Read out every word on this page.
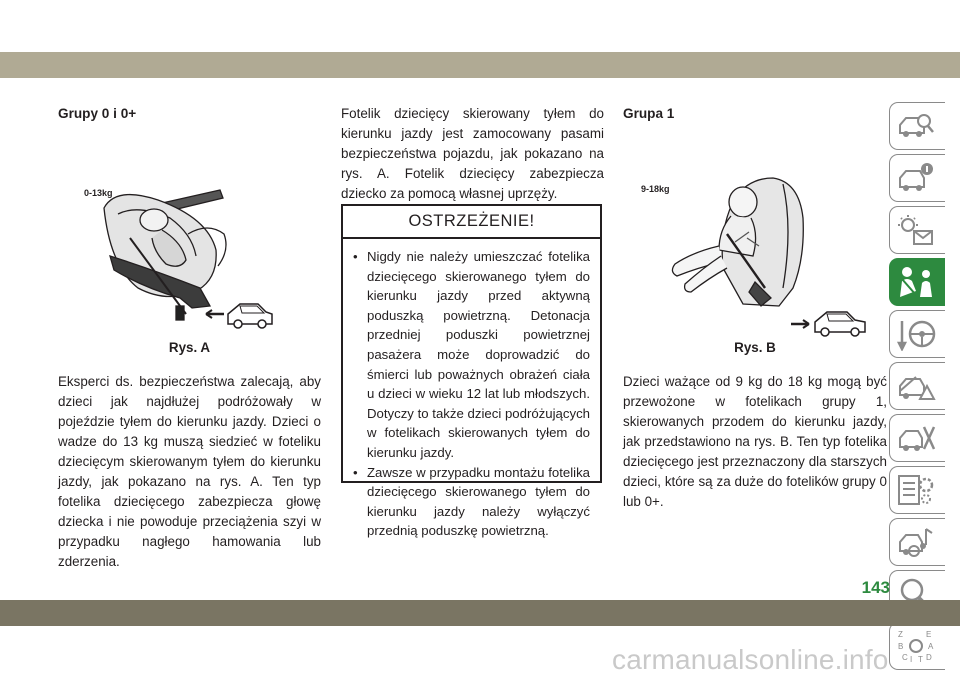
Grupy 0 i 0+

0-13kg

Rys. A

Eksperci ds. bezpieczeństwa zalecają, aby dzieci jak najdłużej podróżowały w pojeździe tyłem do kierunku jazdy. Dzieci o wadze do 13 kg muszą siedzieć w foteliku dziecięcym skierowanym tyłem do kierunku jazdy, jak pokazano na rys. A. Ten typ fotelika dziecięcego zabezpiecza głowę dziecka i nie powoduje przeciążenia szyi w przypadku nagłego hamowania lub zderzenia.

Fotelik dziecięcy skierowany tyłem do kierunku jazdy jest zamocowany pasami bezpieczeństwa pojazdu, jak pokazano na rys. A. Fotelik dziecięcy zabezpiecza dziecko za pomocą własnej uprzęży.

OSTRZEŻENIE!
• Nigdy nie należy umieszczać fotelika dziecięcego skierowanego tyłem do kierunku jazdy przed aktywną poduszką powietrzną. Detonacja przedniej poduszki powietrznej pasażera może doprowadzić do śmierci lub poważnych obrażeń ciała u dzieci w wieku 12 lat lub młodszych. Dotyczy to także dzieci podróżujących w fotelikach skierowanych tyłem do kierunku jazdy.
• Zawsze w przypadku montażu fotelika dziecięcego skierowanego tyłem do kierunku jazdy należy wyłączyć przednią poduszkę powietrzną.

Grupa 1

9-18kg

Rys. B

Dzieci ważące od 9 kg do 18 kg mogą być przewożone w fotelikach grupy 1, skierowanych przodem do kierunku jazdy, jak przedstawiono na rys. B. Ten typ fotelika dziecięcego jest przeznaczony dla starszych dzieci, które są za duże do fotelików grupy 0 lub 0+.

Z	E
B	A
C D
I T
143
carmanualsonline.info
